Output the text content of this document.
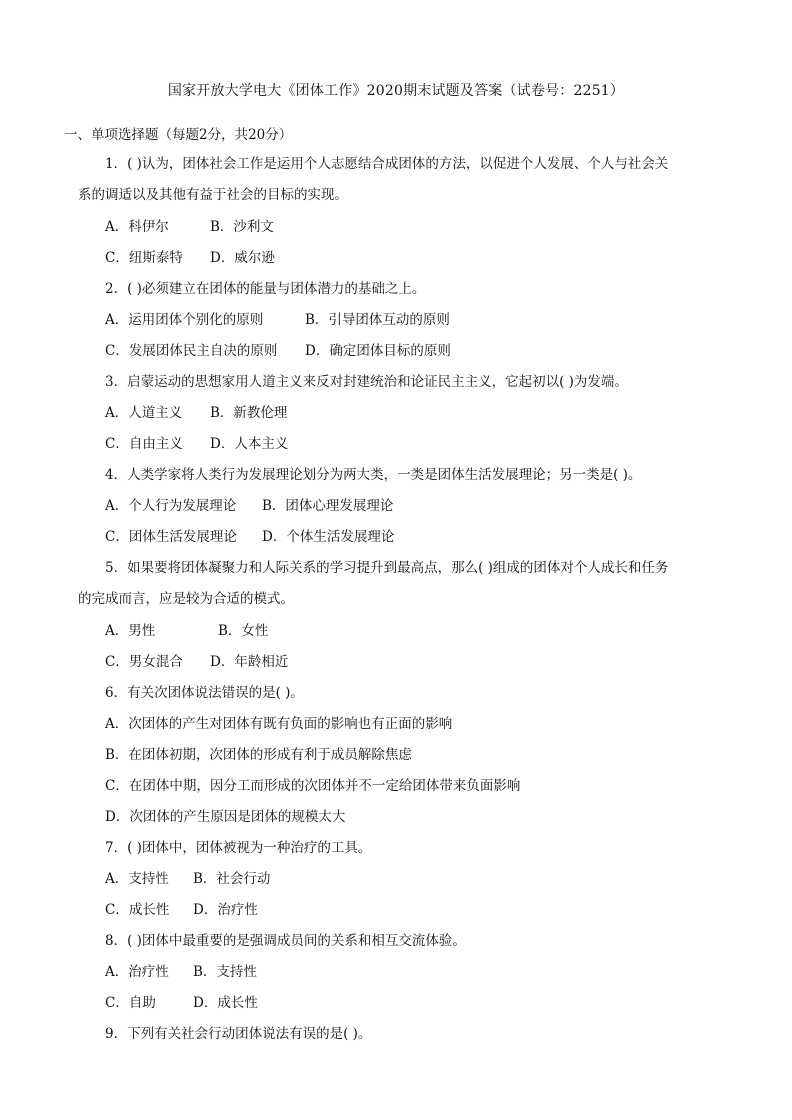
国家开放大学电大《团体工作》2020期末试题及答案（试卷号：2251）
一、单项选择题（每题2分，共20分）
1．( )认为，团体社会工作是运用个人志愿结合成团体的方法，以促进个人发展、个人与社会关
系的调适以及其他有益于社会的目标的实现。
A．科伊尔	B．沙利文
C．纽斯泰特 D．威尔逊
2．( )必须建立在团体的能量与团体潜力的基础之上。
A．运用团体个别化的原则	B．引导团体互动的原则
C．发展团体民主自决的原则 D．确定团体目标的原则
3．启蒙运动的思想家用人道主义来反对封建统治和论证民主主义，它起初以( )为发端。
A．人道主义 B．新教伦理
C．自由主义 D．人本主义
4．人类学家将人类行为发展理论划分为两大类，一类是团体生活发展理论；另一类是( )。
A．个人行为发展理论 B．团体心理发展理论
C．团体生活发展理论 D．个体生活发展理论
5．如果要将团体凝聚力和人际关系的学习提升到最高点，那么( )组成的团体对个人成长和任务
的完成而言，应是较为合适的模式。
A．男性	B．女性
C．男女混合 D．年龄相近
6．有关次团体说法错误的是( )。
A．次团体的产生对团体有既有负面的影响也有正面的影响
B．在团体初期，次团体的形成有利于成员解除焦虑
C．在团体中期，因分工而形成的次团体并不一定给团体带来负面影响
D．次团体的产生原因是团体的规模太大
7．( )团体中，团体被视为一种治疗的工具。
A．支持性 B．社会行动
C．成长性 D．治疗性
8．( )团体中最重要的是强调成员间的关系和相互交流体验。
A．治疗性 B．支持性
C．自助	D．成长性
9．下列有关社会行动团体说法有误的是( )。
